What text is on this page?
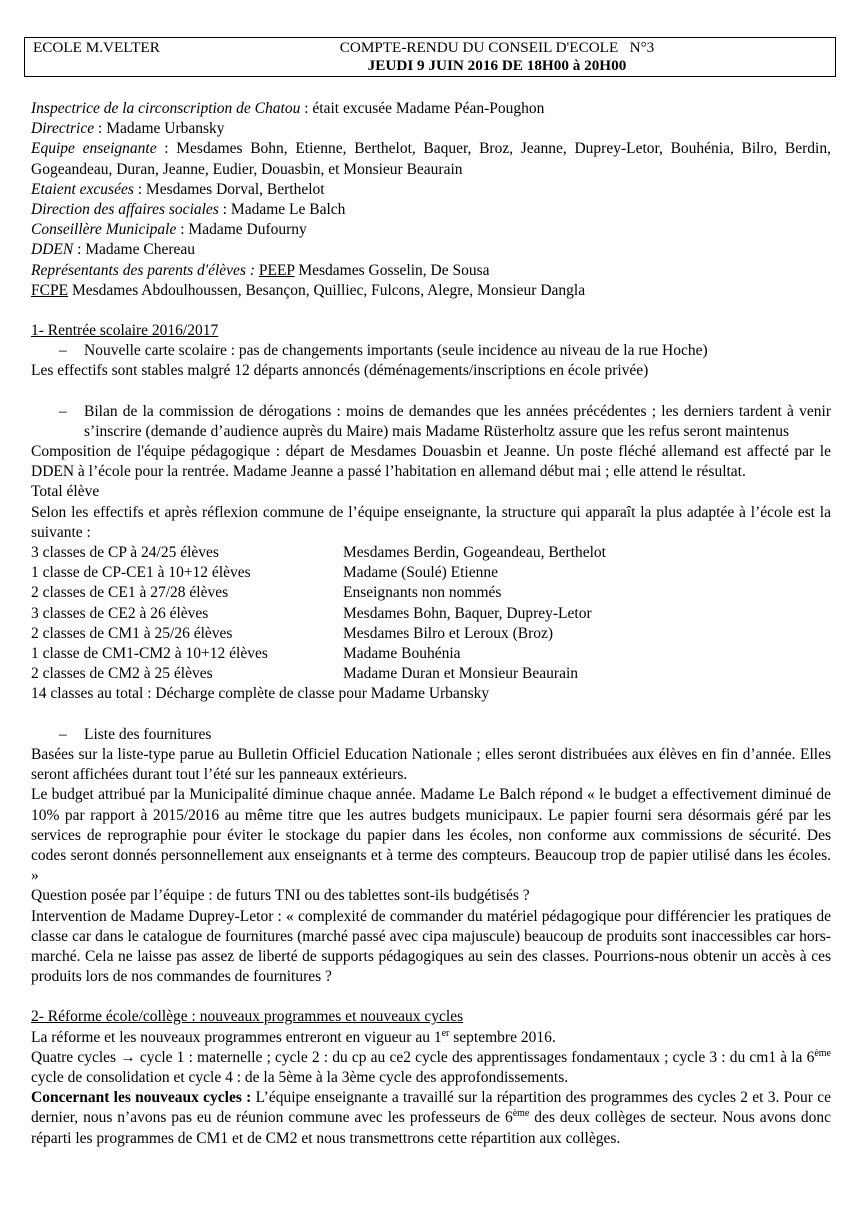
ECOLE M.VELTER	COMPTE-RENDU DU CONSEIL D'ECOLE   N°3
JEUDI 9 JUIN 2016 DE 18H00 à 20H00

Inspectrice de la circonscription de Chatou : était excusée Madame Péan-Poughon

Directrice : Madame Urbansky

Equipe enseignante : Mesdames Bohn, Etienne, Berthelot, Baquer, Broz, Jeanne, Duprey-Letor, Bouhénia, Bilro, Berdin, Gogeandeau, Duran, Jeanne, Eudier, Douasbin, et Monsieur Beaurain

Etaient excusées : Mesdames Dorval, Berthelot

Direction des affaires sociales : Madame Le Balch

Conseillère Municipale : Madame Dufourny

DDEN : Madame Chereau

Représentants des parents d'élèves : PEEP Mesdames Gosselin, De Sousa

FCPE Mesdames Abdoulhoussen, Besançon, Quilliec, Fulcons, Alegre, Monsieur Dangla

1- Rentrée scolaire 2016/2017

– Nouvelle carte scolaire : pas de changements importants (seule incidence au niveau de la rue Hoche)

Les effectifs sont stables malgré 12 départs annoncés (déménagements/inscriptions en école privée)

– Bilan de la commission de dérogations : moins de demandes que les années précédentes ; les derniers tardent à venir s’inscrire (demande d’audience auprès du Maire) mais Madame Rüsterholtz assure que les refus seront maintenus

Composition de l'équipe pédagogique : départ de Mesdames Douasbin et Jeanne. Un poste fléché allemand est affecté par le DDEN à l’école pour la rentrée. Madame Jeanne a passé l’habitation en allemand début mai ; elle attend le résultat.

Total élève

Selon les effectifs et après réflexion commune de l’équipe enseignante, la structure qui apparaît la plus adaptée à l’école est la suivante :

3 classes de CP à 24/25 élèves	Mesdames Berdin, Gogeandeau, Berthelot
1 classe de CP-CE1 à 10+12 élèves	Madame (Soulé) Etienne
2 classes de CE1 à 27/28 élèves	Enseignants non nommés
3 classes de CE2 à 26 élèves	Mesdames Bohn, Baquer, Duprey-Letor
2 classes de CM1 à 25/26 élèves	Mesdames Bilro et Leroux (Broz)
1 classe de CM1-CM2 à 10+12 élèves	Madame Bouhénia
2 classes de CM2 à 25 élèves	Madame Duran et Monsieur Beaurain

14 classes au total : Décharge complète de classe pour Madame Urbansky

– Liste des fournitures

Basées sur la liste-type parue au Bulletin Officiel Education Nationale ; elles seront distribuées aux élèves en fin d’année. Elles seront affichées durant tout l’été sur les panneaux extérieurs.

Le budget attribué par la Municipalité diminue chaque année. Madame Le Balch répond « le budget a effectivement diminué de 10% par rapport à 2015/2016 au même titre que les autres budgets municipaux. Le papier fourni sera désormais géré par les services de reprographie pour éviter le stockage du papier dans les écoles, non conforme aux commissions de sécurité. Des codes seront donnés personnellement aux enseignants et à terme des compteurs. Beaucoup trop de papier utilisé dans les écoles. »

Question posée par l’équipe : de futurs TNI ou des tablettes sont-ils budgétisés ?

Intervention de Madame Duprey-Letor : « complexité de commander du matériel pédagogique pour différencier les pratiques de classe car dans le catalogue de fournitures (marché passé avec cipa majuscule) beaucoup de produits sont inaccessibles car hors-marché. Cela ne laisse pas assez de liberté de supports pédagogiques au sein des classes. Pourrions-nous obtenir un accès à ces produits lors de nos commandes de fournitures ?

2- Réforme école/collège : nouveaux programmes et nouveaux cycles

La réforme et les nouveaux programmes entreront en vigueur au 1er septembre 2016.

Quatre cycles → cycle 1 : maternelle ; cycle 2 : du cp au ce2 cycle des apprentissages fondamentaux ; cycle 3 : du cm1 à la 6ème cycle de consolidation et cycle 4 : de la 5ème à la 3ème cycle des approfondissements.

Concernant les nouveaux cycles : L’équipe enseignante a travaillé sur la répartition des programmes des cycles 2 et 3. Pour ce dernier, nous n’avons pas eu de réunion commune avec les professeurs de 6ème des deux collèges de secteur. Nous avons donc réparti les programmes de CM1 et de CM2 et nous transmettrons cette répartition aux collèges.
